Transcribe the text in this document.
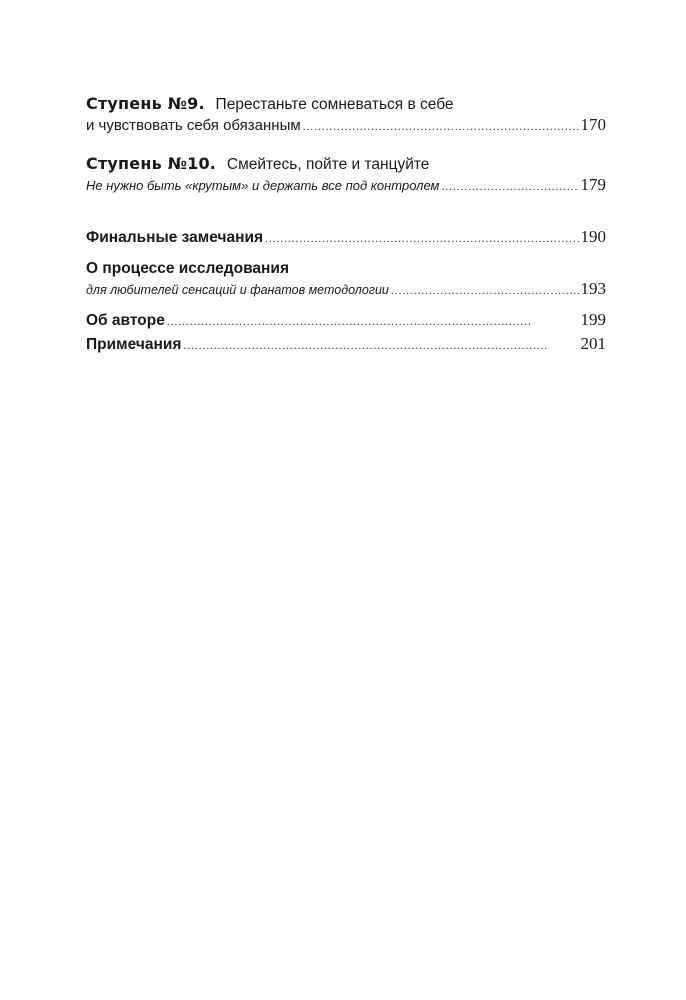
Ступень №9. Перестаньте сомневаться в себе
и чувствовать себя обязанным . . .	170
Ступень №10. Смейтесь, пойте и танцуйте
Не нужно быть «крутым» и держать все под контролем . . .	179
Финальные замечания . . .	190
О процессе исследования
для любителей сенсаций и фанатов методологии . . .	193
Об авторе . . .	199
Примечания . . .	201
